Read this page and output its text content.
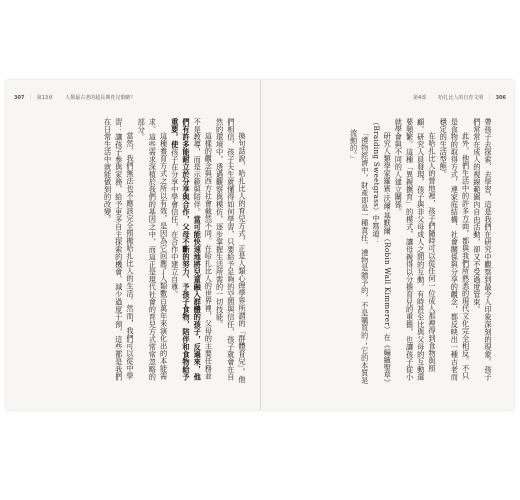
307 ｜ 第13章 　 人類最古老的超長期育兒策略？	第4部 　 哈扎比人的自育文明 ｜ 306

換句話說，哈扎比人的育兒方式，正是人類心理學界所謂的「群體育兒」。他們相信，孩子天生就懂得如何學習，只要給予足夠的空間與信任，孩子就會在自然的環境中，透過觀察與模仿，逐步掌握生活所需的一切技能。

這樣的觀念與西方社會截然不同。在哈扎比人的世界裡，父母的主要任務並不是教導，而是示範與陪伴。當可能快速地將兒童融入群體的孩子，反過來，他們有許多能耐立於分享與合作，父母不斷的努力、予孩子食物，陪伴和食物給予重要，使孩子在分享中學會信任，在合作中建立自尊。

這種養育方式之所以有效，是因為它回應了人類數百萬年來演化出的本能需求。這些需求深植於我們的基因之中，而這正是現代社會的育兒方式常常忽略的部分。

當然，我們無法也不應該完全照搬哈扎比人的生活。然而，我們可以從中學習：讓孩子參與家務、給予更多自主探索的機會、減少過度干預，這些都是我們在日常生活中就能做到的改變。	帶孩子去探索、去學習，這是我們在研究中觀察到最令人印象深刻的現象。孩子們常常在成人的視線範圍內自由活動，卻又不受過度管束。

此外，他們生活中的許多方面，都與我們所熟悉的現代文化完全相反。不只是食物的取得方式，連家庭結構、社會關係與分享的觀念，都反映出一種古老而穩定的生活型態。

在哈扎比人的營地裡，孩子們隨時可以從任何一位成人那裡得到食物與照顧。研究人員發現，孩子與非父母成人之間的互動，有時甚至比與父母的互動還要頻繁。這種「異親撫育」的模式，讓母親得以分擔育兒的重擔，也讓孩子從小就學會與不同的人建立關係。

研究人類學家羅賓‧沃爾‧基默爾（Robin Wall Kimmerer）在《編織聖草》（Braiding Sweetgrass）中寫道：

「禮物經濟中，財產即是一種責任。禮物是贈予的，不是購買的；它的本質是流動的。」
